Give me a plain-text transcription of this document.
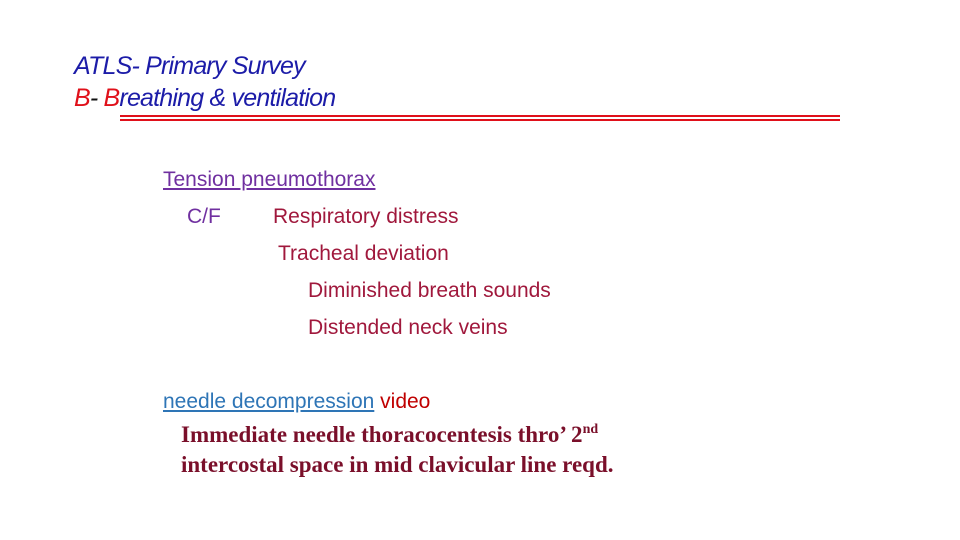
ATLS- Primary Survey
B- Breathing & ventilation
Tension pneumothorax
C/F Respiratory distress
Tracheal deviation
Diminished breath sounds
Distended neck veins
needle decompression video

Immediate needle thoracocentesis thro’ 2nd
intercostal space in mid clavicular line reqd.
